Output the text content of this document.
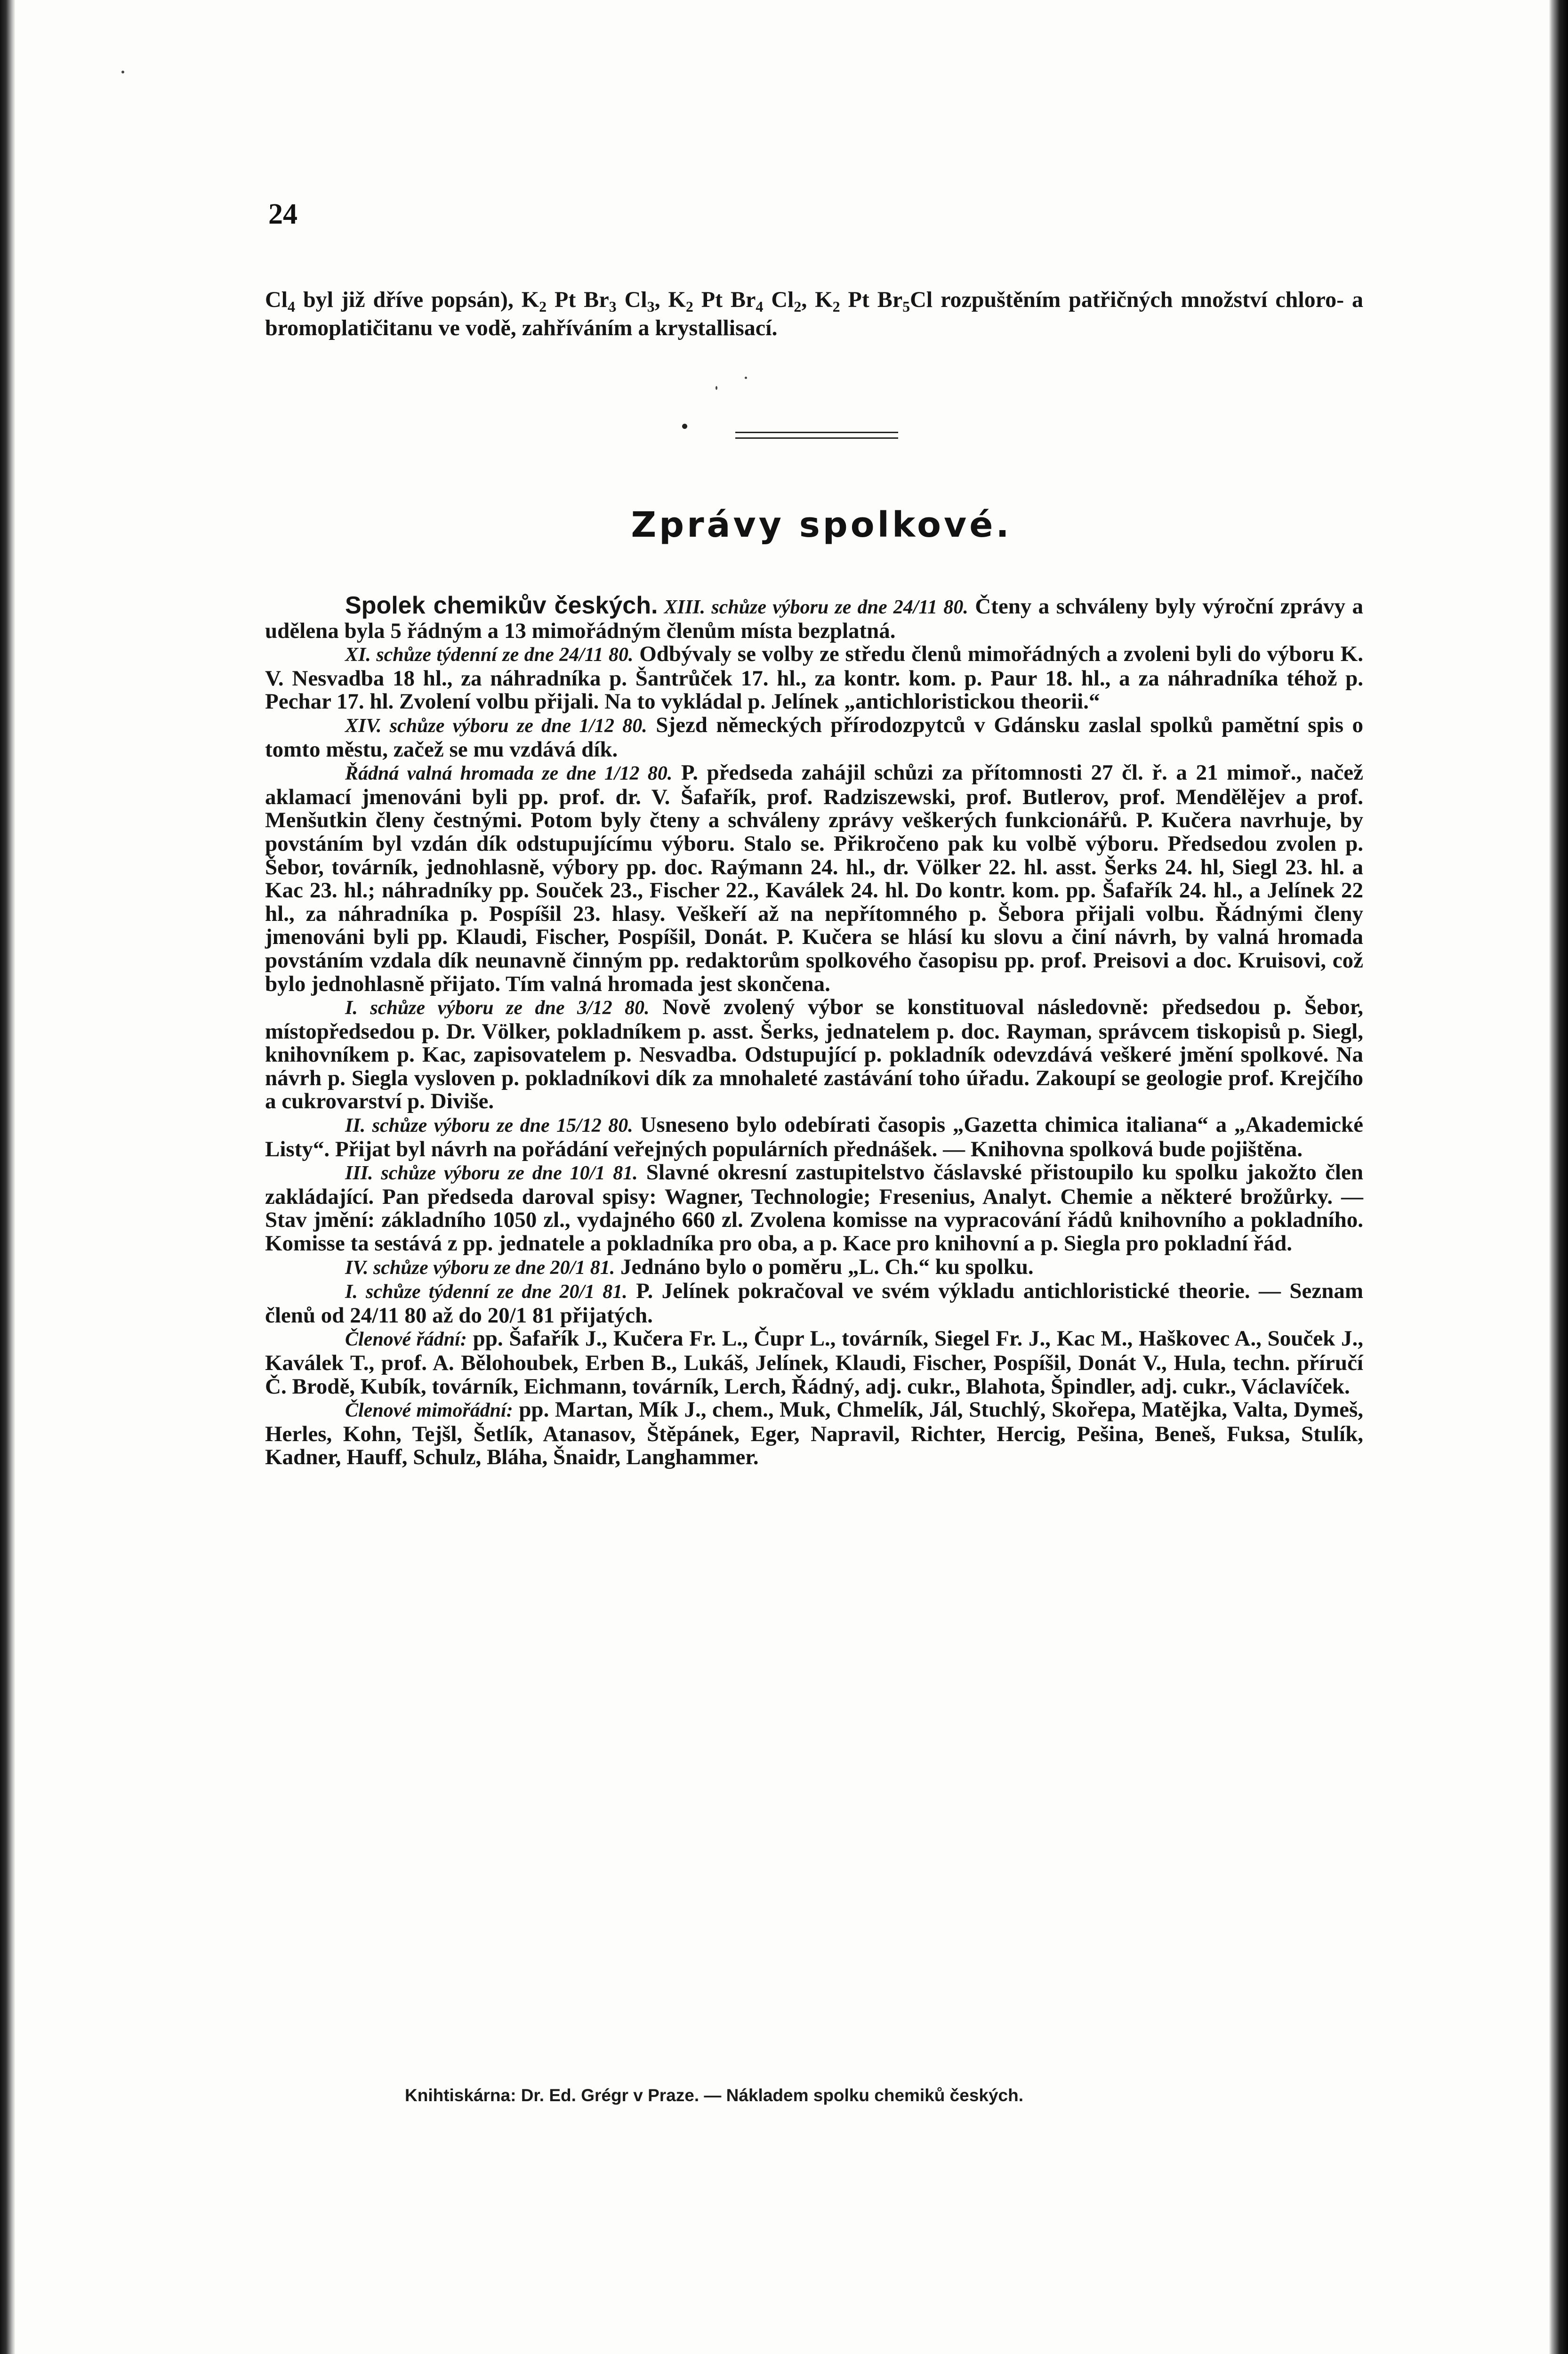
24
$Cl_4$ byl již dříve popsán), $K_2$ Pt $Br_3$ $Cl_3$, $K_2$ Pt $Br_4$ $Cl_2$, $K_2$ Pt $Br_5Cl$ rozpuštěním patřičných množství chloro- a bromoplatičitanu ve vodě, zahříváním a krystallisací.
Zprávy spolkové.

Spolek chemikův českých. XIII. schůze výboru ze dne 24/11 80. Čteny a schváleny byly výroční zprávy a udělena byla 5 řádným a 13 mimořádným členům místa bezplatná.

XI. schůze týdenní ze dne 24/11 80. Odbývaly se volby ze středu členů mimořádných a zvoleni byli do výboru K. V. Nesvadba 18 hl., za náhradníka p. Šantrůček 17. hl., za kontr. kom. p. Paur 18. hl., a za náhradníka téhož p. Pechar 17. hl. Zvolení volbu přijali. Na to vykládal p. Jelínek „antichloristickou theorii.“

XIV. schůze výboru ze dne 1/12 80. Sjezd německých přírodozpytců v Gdánsku zaslal spolků pamětní spis o tomto městu, začež se mu vzdává dík.

Řádná valná hromada ze dne 1/12 80. P. předseda zahájil schůzi za přítomnosti 27 čl. ř. a 21 mimoř., načež aklamací jmenováni byli pp. prof. dr. V. Šafařík, prof. Radziszewski, prof. Butlerov, prof. Mendělějev a prof. Menšutkin členy čestnými. Potom byly čteny a schváleny zprávy veškerých funkcionářů. P. Kučera navrhuje, by povstáním byl vzdán dík odstupujícímu výboru. Stalo se. Přikročeno pak ku volbě výboru. Předsedou zvolen p. Šebor, továrník, jednohlasně, výbory pp. doc. Raýmann 24. hl., dr. Völker 22. hl. asst. Šerks 24. hl, Siegl 23. hl. a Kac 23. hl.; náhradníky pp. Souček 23., Fischer 22., Kaválek 24. hl. Do kontr. kom. pp. Šafařík 24. hl., a Jelínek 22 hl., za náhradníka p. Pospíšil 23. hlasy. Veškeří až na nepřítomného p. Šebora přijali volbu. Řádnými členy jmenováni byli pp. Klaudi, Fischer, Pospíšil, Donát. P. Kučera se hlásí ku slovu a činí návrh, by valná hromada povstáním vzdala dík neunavně činným pp. redaktorům spolkového časopisu pp. prof. Preisovi a doc. Kruisovi, což bylo jednohlasně přijato. Tím valná hromada jest skončena.

I. schůze výboru ze dne 3/12 80. Nově zvolený výbor se konstituoval následovně: předsedou p. Šebor, místopředsedou p. Dr. Völker, pokladníkem p. asst. Šerks, jednatelem p. doc. Rayman, správcem tiskopisů p. Siegl, knihovníkem p. Kac, zapisovatelem p. Nesvadba. Odstupující p. pokladník odevzdává veškeré jmění spolkové. Na návrh p. Siegla vysloven p. pokladníkovi dík za mnohaleté zastávání toho úřadu. Zakoupí se geologie prof. Krejčího a cukrovarství p. Diviše.

II. schůze výboru ze dne 15/12 80. Usneseno bylo odebírati časopis „Gazetta chimica italiana“ a „Akademické Listy“. Přijat byl návrh na pořádání veřejných populárních přednášek. — Knihovna spolková bude pojištěna.

III. schůze výboru ze dne 10/1 81. Slavné okresní zastupitelstvo čáslavské přistoupilo ku spolku jakožto člen zakládající. Pan předseda daroval spisy: Wagner, Technologie; Fresenius, Analyt. Chemie a některé brožůrky. — Stav jmění: základního 1050 zl., vydajného 660 zl. Zvolena komisse na vypracování řádů knihovního a pokladního. Komisse ta sestává z pp. jednatele a pokladníka pro oba, a p. Kace pro knihovní a p. Siegla pro pokladní řád.

IV. schůze výboru ze dne 20/1 81. Jednáno bylo o poměru „L. Ch.“ ku spolku.

I. schůze týdenní ze dne 20/1 81. P. Jelínek pokračoval ve svém výkladu antichloristické theorie. — Seznam členů od 24/11 80 až do 20/1 81 přijatých.

Členové řádní: pp. Šafařík J., Kučera Fr. L., Čupr L., továrník, Siegel Fr. J., Kac M., Haškovec A., Souček J., Kaválek T., prof. A. Bělohoubek, Erben B., Lukáš, Jelínek, Klaudi, Fischer, Pospíšil, Donát V., Hula, techn. příručí Č. Brodě, Kubík, továrník, Eichmann, továrník, Lerch, Řádný, adj. cukr., Blahota, Špindler, adj. cukr., Václavíček.

Členové mimořádní: pp. Martan, Mík J., chem., Muk, Chmelík, Jál, Stuchlý, Skořepa, Matějka, Valta, Dymeš, Herles, Kohn, Tejšl, Šetlík, Atanasov, Štěpánek, Eger, Napravil, Richter, Hercig, Pešina, Beneš, Fuksa, Stulík, Kadner, Hauff, Schulz, Bláha, Šnaidr, Langhammer.

Knihtiskárna: Dr. Ed. Grégr v Praze. — Nákladem spolku chemiků českých.
